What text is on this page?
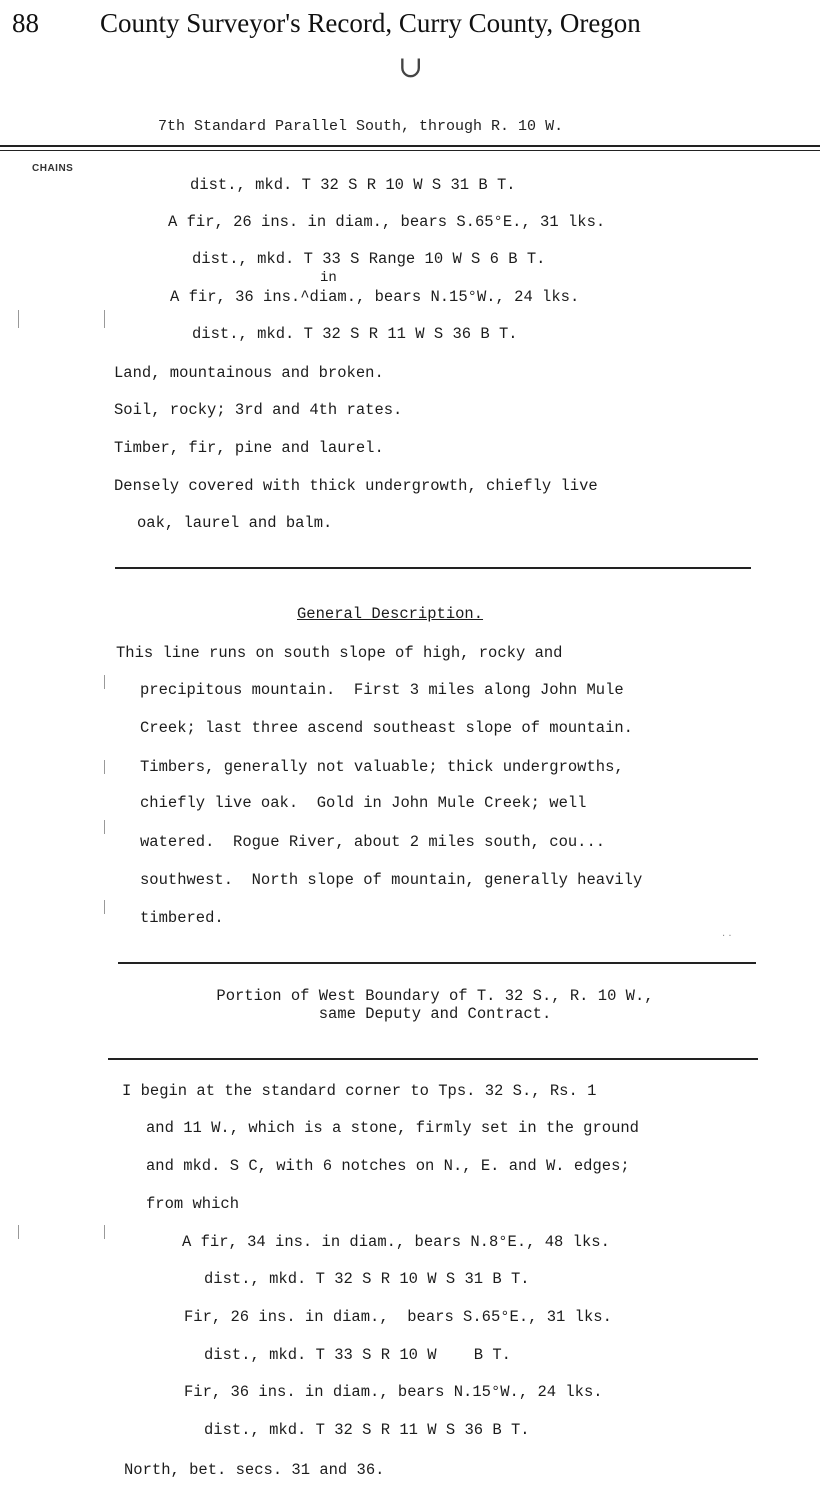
88 County Surveyor's Record, Curry County, Oregon
∪
7th Standard Parallel South, through R. 10 W.
CHAINS
dist., mkd. T 32 S R 10 W S 31 B T.
A fir, 26 ins. in diam., bears S.65°E., 31 lks.
dist., mkd. T 33 S Range 10 W S 6 B T.
in
A fir, 36 ins.^diam., bears N.15°W., 24 lks.
dist., mkd. T 32 S R 11 W S 36 B T.
Land, mountainous and broken.
Soil, rocky; 3rd and 4th rates.
Timber, fir, pine and laurel.
Densely covered with thick undergrowth, chiefly live
oak, laurel and balm.
General Description.
This line runs on south slope of high, rocky and
precipitous mountain.  First 3 miles along John Mule
Creek; last three ascend southeast slope of mountain.
Timbers, generally not valuable; thick undergrowths,
chiefly live oak.  Gold in John Mule Creek; well
watered.  Rogue River, about 2 miles south, cou...
southwest.  North slope of mountain, generally heavily
timbered.
. .
Portion of West Boundary of T. 32 S., R. 10 W.,
same Deputy and Contract.
I begin at the standard corner to Tps. 32 S., Rs. 1
and 11 W., which is a stone, firmly set in the ground
and mkd. S C, with 6 notches on N., E. and W. edges;
from which
A fir, 34 ins. in diam., bears N.8°E., 48 lks.
dist., mkd. T 32 S R 10 W S 31 B T.
Fir, 26 ins. in diam.,  bears S.65°E., 31 lks.
dist., mkd. T 33 S R 10 W    B T.
Fir, 36 ins. in diam., bears N.15°W., 24 lks.
dist., mkd. T 32 S R 11 W S 36 B T.
North, bet. secs. 31 and 36.
